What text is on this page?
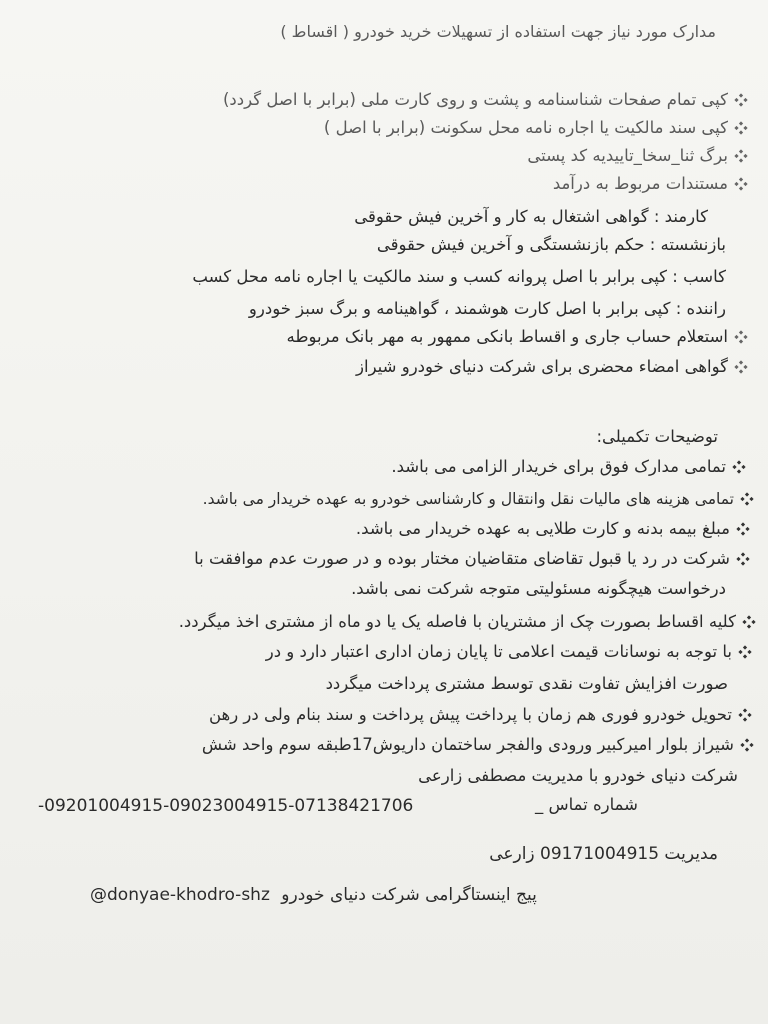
مدارک مورد نیاز جهت استفاده از تسهیلات خرید خودرو ( اقساط )
کپی تمام صفحات شناسنامه و پشت و روی کارت ملی (برابر با اصل گردد)
کپی سند مالکیت یا اجاره نامه محل سکونت (برابر با اصل )
برگ ثنا_سخا_تاییدیه کد پستی
مستندات مربوط به درآمد
کارمند : گواهی اشتغال به کار و آخرین فیش حقوقی
بازنشسته : حکم بازنشستگی و آخرین فیش حقوقی
کاسب : کپی برابر با اصل پروانه کسب و سند مالکیت یا اجاره نامه محل کسب
راننده : کپی برابر با اصل کارت هوشمند ، گواهینامه و برگ سبز خودرو
استعلام حساب جاری و اقساط بانکی ممهور به مهر بانک مربوطه
گواهی امضاء محضری برای شرکت دنیای خودرو شیراز
توضیحات تکمیلی:
تمامی مدارک فوق برای خریدار الزامی می باشد.
تمامی هزینه های مالیات نقل وانتقال و کارشناسی خودرو به عهده خریدار می باشد.
مبلغ بیمه بدنه و کارت طلایی به عهده خریدار می باشد.
شرکت در رد یا قبول تقاضای متقاضیان مختار بوده و در صورت عدم موافقت با
درخواست هیچگونه مسئولیتی متوجه شرکت نمی باشد.
کلیه اقساط بصورت چک از مشتریان با فاصله یک یا دو ماه از مشتری اخذ میگردد.
با توجه به نوسانات قیمت اعلامی تا پایان زمان اداری اعتبار دارد و در
صورت افزایش تفاوت نقدی توسط مشتری پرداخت میگردد
تحویل خودرو فوری هم زمان با پرداخت پیش پرداخت و سند بنام ولی در رهن
شیراز بلوار امیرکبیر ورودی والفجر ساختمان داریوش17طبقه سوم واحد شش
شرکت دنیای خودرو با مدیریت مصطفی زارعی
شماره تماس _
-09201004915-09023004915-07138421706
مدیریت 09171004915 زارعی
@donyae-khodro-shz پیج اینستاگرامی شرکت دنیای خودرو
